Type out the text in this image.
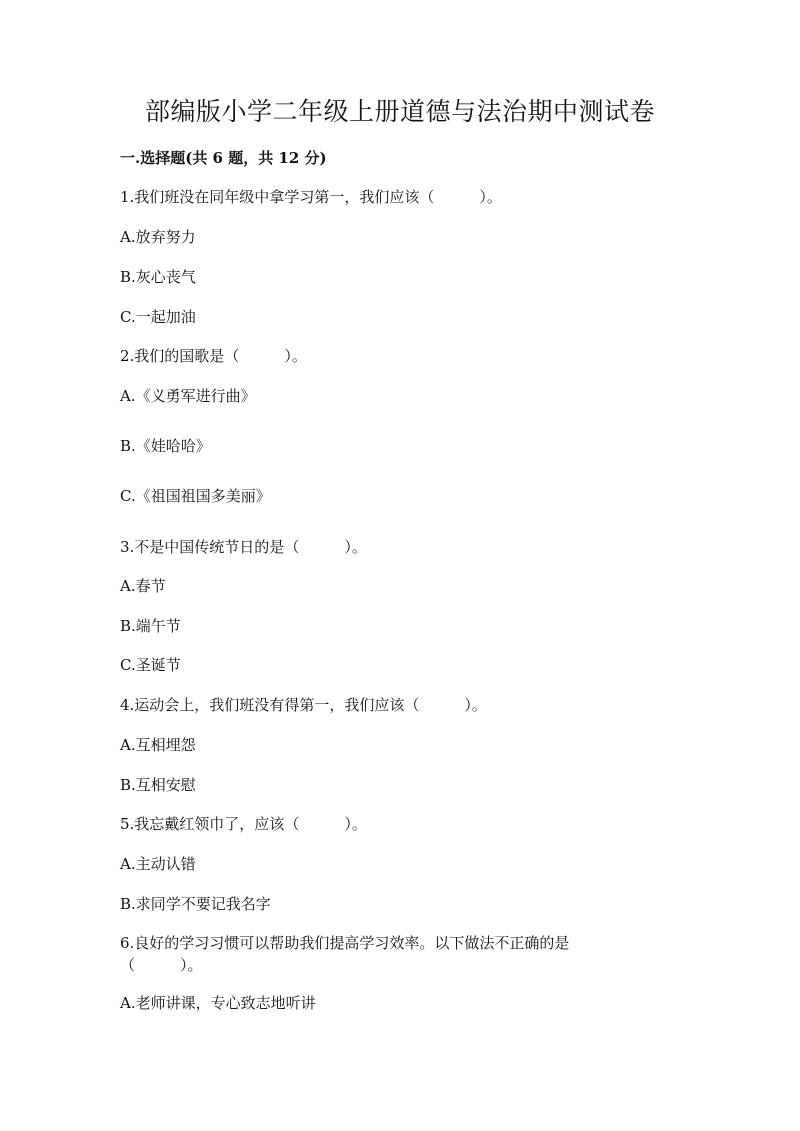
部编版小学二年级上册道德与法治期中测试卷
一.选择题(共 6 题，共 12 分)
1.我们班没在同年级中拿学习第一，我们应该（　　　）。
A.放弃努力
B.灰心丧气
C.一起加油
2.我们的国歌是（　　　）。
A.《义勇军进行曲》
B.《娃哈哈》
C.《祖国祖国多美丽》
3.不是中国传统节日的是（　　　）。
A.春节
B.端午节
C.圣诞节
4.运动会上，我们班没有得第一，我们应该（　　　）。
A.互相埋怨
B.互相安慰
5.我忘戴红领巾了，应该（　　　）。
A.主动认错
B.求同学不要记我名字
6.良好的学习习惯可以帮助我们提高学习效率。以下做法不正确的是（　　　）。
A.老师讲课，专心致志地听讲
